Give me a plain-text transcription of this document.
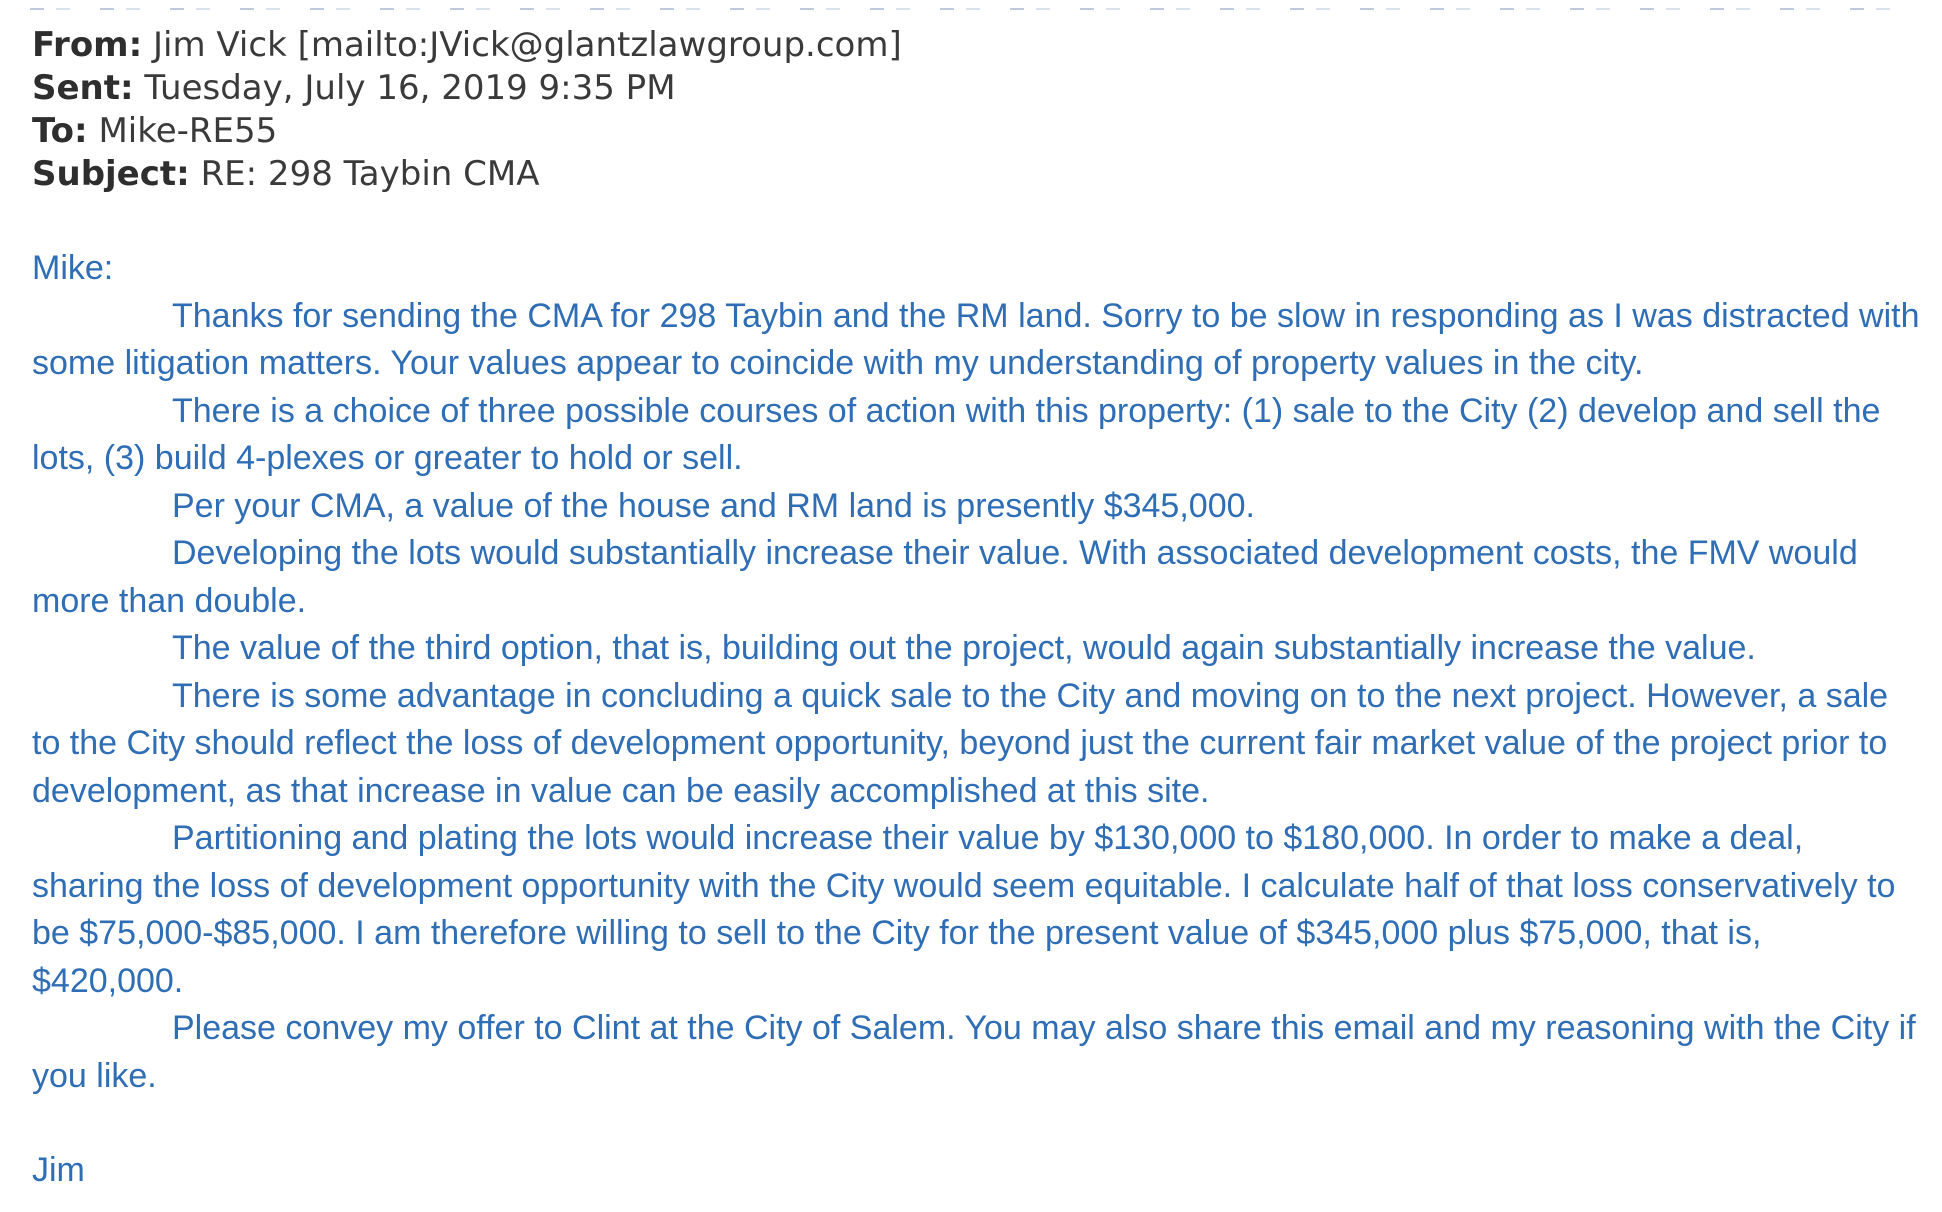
From: Jim Vick [mailto:JVick@glantzlawgroup.com]
Sent: Tuesday, July 16, 2019 9:35 PM
To: Mike-RE55
Subject: RE: 298 Taybin CMA

Mike:

Thanks for sending the CMA for 298 Taybin and the RM land. Sorry to be slow in responding as I was distracted with some litigation matters. Your values appear to coincide with my understanding of property values in the city.

There is a choice of three possible courses of action with this property: (1) sale to the City (2) develop and sell the lots, (3) build 4-plexes or greater to hold or sell.

Per your CMA, a value of the house and RM land is presently $345,000.

Developing the lots would substantially increase their value. With associated development costs, the FMV would more than double.

The value of the third option, that is, building out the project, would again substantially increase the value.

There is some advantage in concluding a quick sale to the City and moving on to the next project. However, a sale to the City should reflect the loss of development opportunity, beyond just the current fair market value of the project prior to development, as that increase in value can be easily accomplished at this site.

Partitioning and plating the lots would increase their value by $130,000 to $180,000. In order to make a deal, sharing the loss of development opportunity with the City would seem equitable. I calculate half of that loss conservatively to be $75,000-$85,000. I am therefore willing to sell to the City for the present value of $345,000 plus $75,000, that is, $420,000.

Please convey my offer to Clint at the City of Salem. You may also share this email and my reasoning with the City if you like.

Jim
